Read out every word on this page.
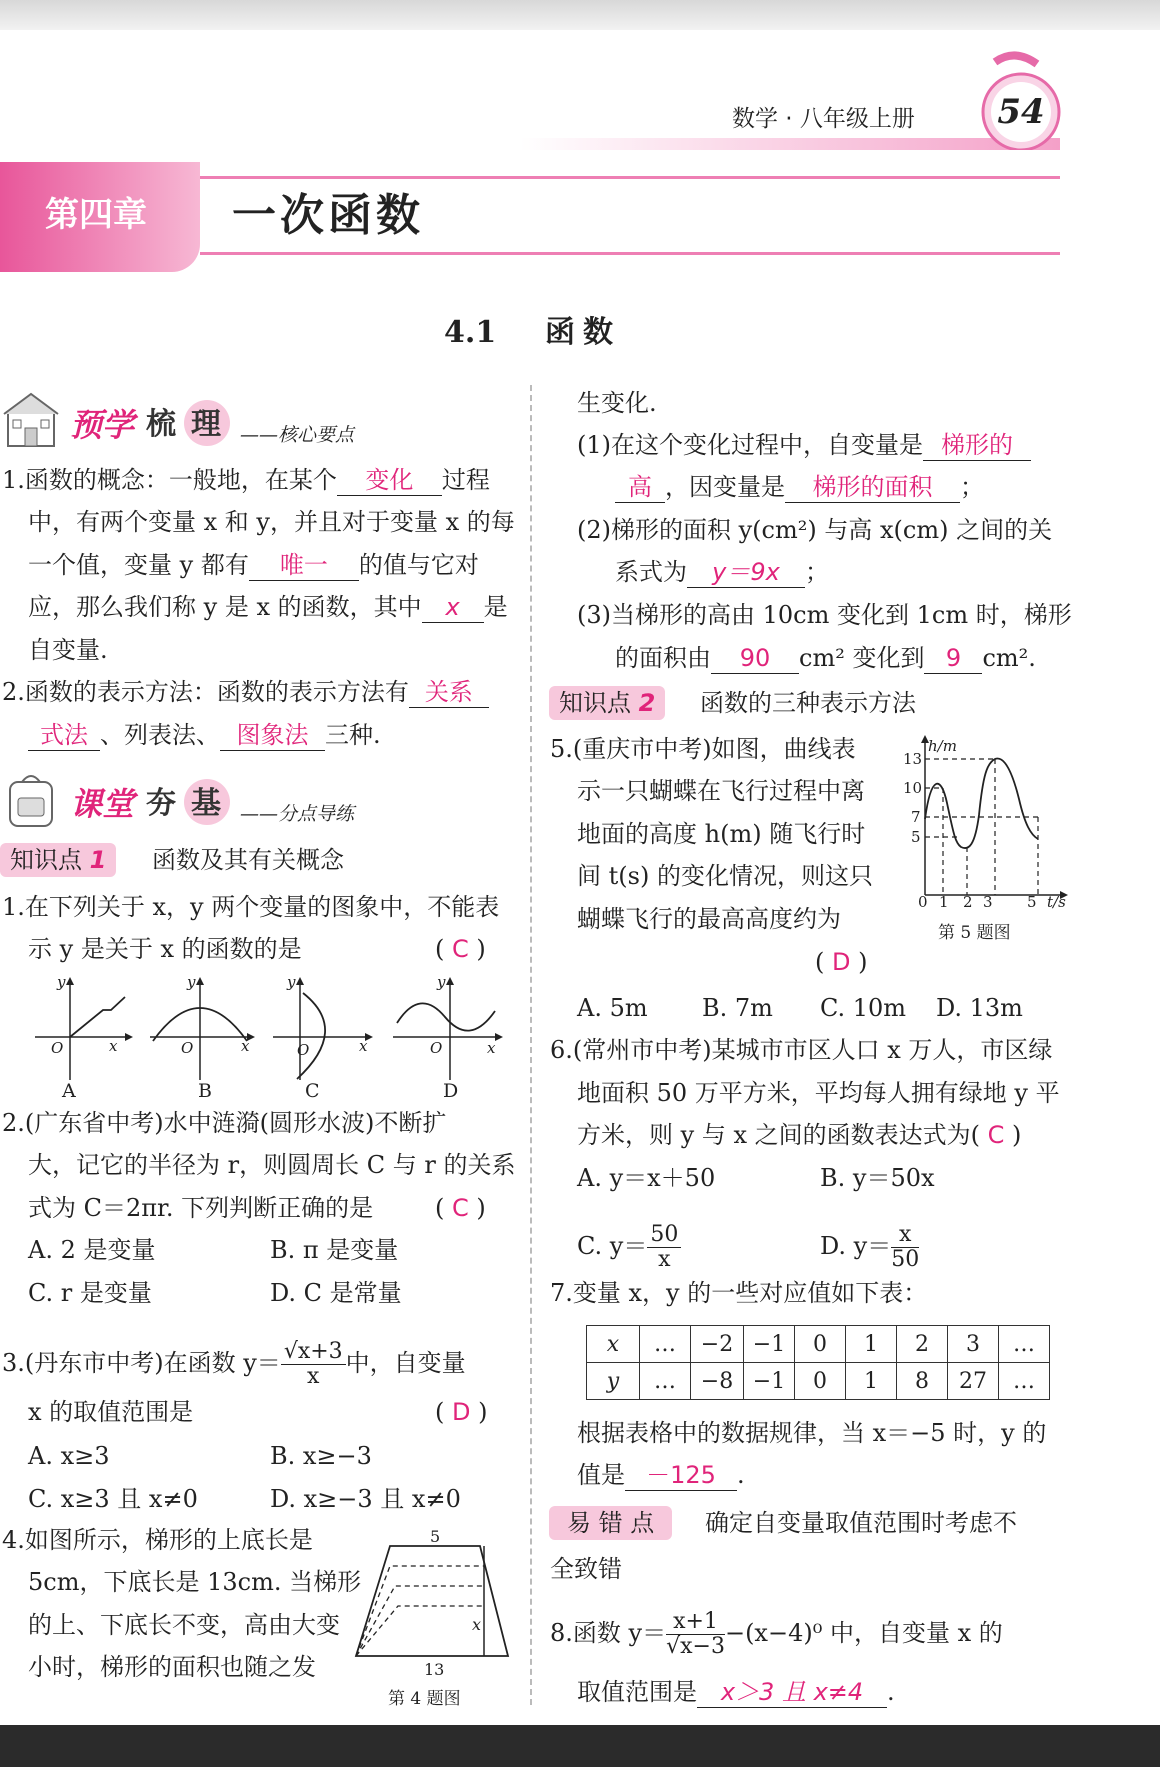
数学 · 八年级上册 54
第四章 一次函数
4.1 函数
预学 梳 理 ——核心要点
1.函数的概念：一般地，在某个 变化 过程
中，有两个变量 x 和 y，并且对于变量 x 的每
一个值，变量 y 都有 唯一 的值与它对
应，那么我们称 y 是 x 的函数，其中 x 是
自变量.
2.函数的表示方法：函数的表示方法有 关系
式法 、列表法、 图象法 三种.
课堂 夯 基 ——分点导练
知识点 1	函数及其有关概念
1.在下列关于 x，y 两个变量的图象中，不能表
示 y 是关于 x 的函数的是	( C )
y
x
O
y
x
O
y
x
O
y
x
O
A	B	C	D
2.(广东省中考)水中涟漪(圆形水波)不断扩
大，记它的半径为 r，则圆周长 C 与 r 的关系
式为 C＝2πr. 下列判断正确的是	( C )
A. 2 是变量	B. π 是变量
C. r 是变量	D. C 是常量
3.(丹东市中考)在函数 $y= \frac{√x+3}{x}$ 中，自变量
x 的取值范围是	( D )
A. x≥3	B. x≥−3
C. x≥3 且 x≠0	D. x≥−3 且 x≠0
4.如图所示，梯形的上底长是
5cm，下底长是 13cm. 当梯形
的上、下底长不变，高由大变
小时，梯形的面积也随之发
5
13
x
第 4 题图
生变化.
(1)在这个变化过程中，自变量是 梯形的
高 ，因变量是 梯形的面积 ；
(2)梯形的面积 y(cm²) 与高 x(cm) 之间的关
系式为 y＝9x ；
(3)当梯形的高由 10cm 变化到 1cm 时，梯形
的面积由 90 cm² 变化到 9 cm².
知识点 2	函数的三种表示方法
5.(重庆市中考)如图，曲线表
示一只蝴蝶在飞行过程中离
地面的高度 h(m) 随飞行时
间 t(s) 的变化情况，则这只
蝴蝶飞行的最高高度约为
( D )
h/m
t/s
13
10
7
5
0 1 2 3 5
第 5 题图
A. 5m B. 7m C. 10m D. 13m
6.(常州市中考)某城市市区人口 x 万人，市区绿
地面积 50 万平方米，平均每人拥有绿地 y 平
方米，则 y 与 x 之间的函数表达式为( C )
A. y＝x＋50	B. y＝50x
C. $y= \frac{50}{x}$	D. $y= \frac{x}{50}$
7.变量 x，y 的一些对应值如下表：
x	…	−2	−1	0	1	2	3	…
y	…	−8	−1	0	1	8	27	…
根据表格中的数据规律，当 x＝−5 时，y 的
值是 －125 .
易 错 点	确定自变量取值范围时考虑不
全致错
8.函数 $y= \frac{x+1}{√x-3} -(x-4)^0$ 中，自变量 x 的
取值范围是 x＞3 且 x≠4 .
